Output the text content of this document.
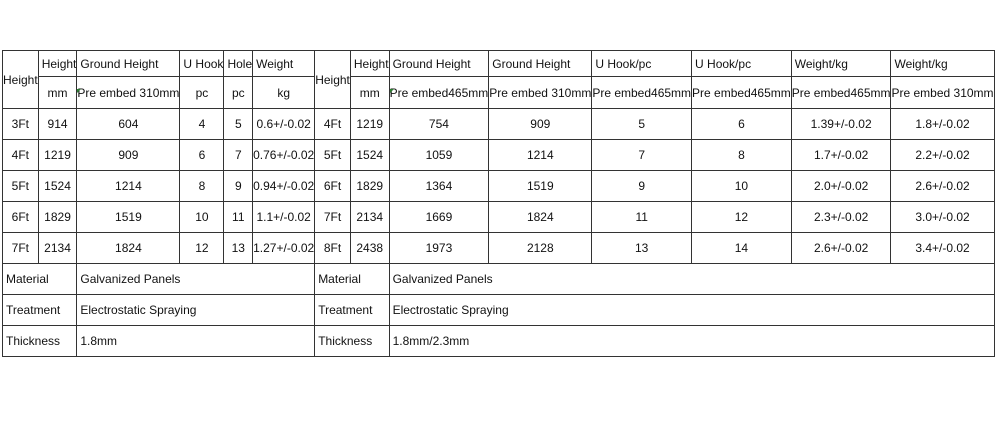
Height	Height	Ground Height	U Hook	Hole	Weight	Height	Height	Ground Height	Ground Height	U Hook/pc	U Hook/pc	Weight/kg	Weight/kg
	mm	Pre embed 310mm	pc	pc	kg		mm	Pre embed465mm	Pre embed 310mm	Pre embed465mm	Pre embed465mm	Pre embed465mm	Pre embed 310mm
3Ft	914	604	4	5	0.6+/-0.02	4Ft	1219	754	909	5	6	1.39+/-0.02	1.8+/-0.02
4Ft	1219	909	6	7	0.76+/-0.02	5Ft	1524	1059	1214	7	8	1.7+/-0.02	2.2+/-0.02
5Ft	1524	1214	8	9	0.94+/-0.02	6Ft	1829	1364	1519	9	10	2.0+/-0.02	2.6+/-0.02
6Ft	1829	1519	10	11	1.1+/-0.02	7Ft	2134	1669	1824	11	12	2.3+/-0.02	3.0+/-0.02
7Ft	2134	1824	12	13	1.27+/-0.02	8Ft	2438	1973	2128	13	14	2.6+/-0.02	3.4+/-0.02
Material		Galvanized Panels				Material		Galvanized Panels					
Treatment		Electrostatic Spraying				Treatment		Electrostatic Spraying					
Thickness		1.8mm				Thickness		1.8mm/2.3mm					
